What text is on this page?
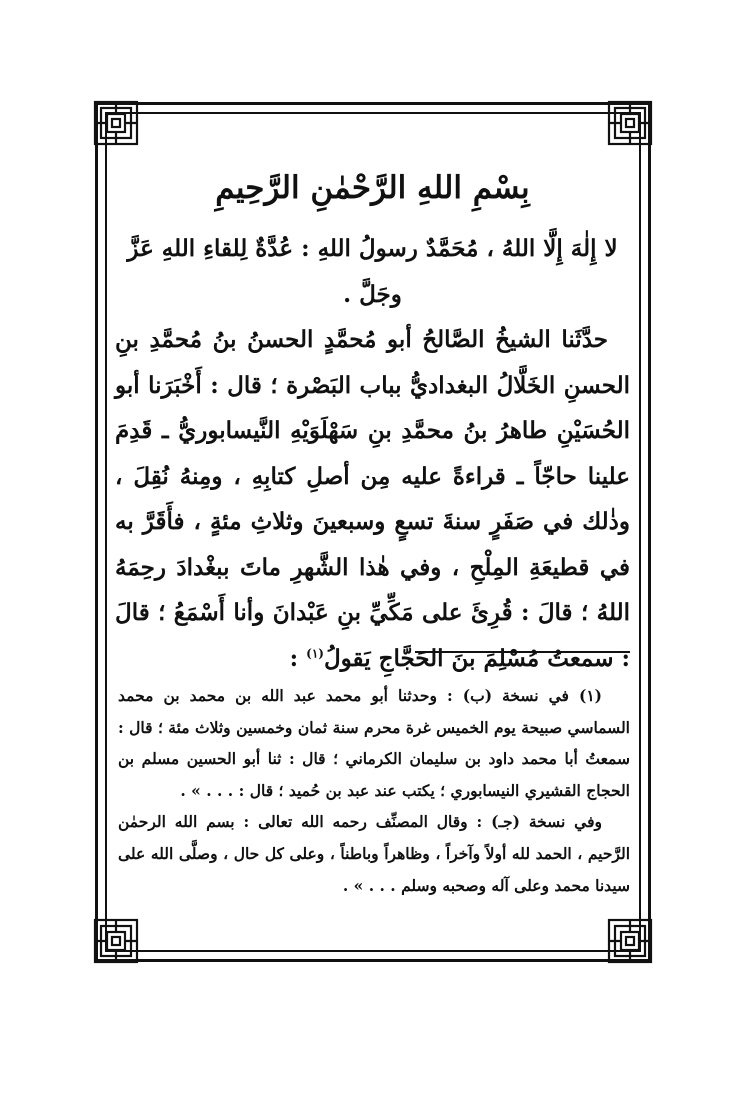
بِسْمِ اللهِ الرَّحْمٰنِ الرَّحِيمِ

لا إِلٰهَ إِلَّا اللهُ ، مُحَمَّدٌ رسولُ اللهِ : عُدَّةٌ لِلقاءِ اللهِ عَزَّ وجَلَّ .

حدَّثَنا الشيخُ الصَّالحُ أبو مُحمَّدٍ الحسنُ بنُ مُحمَّدِ بنِ الحسنِ الخَلَّالُ البغداديُّ بباب البَصْرة ؛ قال : أَخْبَرَنا أبو الحُسَيْنِ طاهرُ بنُ محمَّدِ بنِ سَهْلَوَيْهِ النَّيسابوريُّ ـ قَدِمَ علينا حاجّاً ـ قراءةً عليه مِن أصلِ كتابِهِ ، ومِنهُ نُقِلَ ، وذٰلك في صَفَرٍ سنةَ تسعٍ وسبعينَ وثلاثِ مئةٍ ، فأَقَرَّ به في قطيعَةِ المِلْحِ ، وفي هٰذا الشَّهرِ ماتَ ببغْدادَ رحِمَهُ اللهُ ؛ قالَ : قُرِئَ على مَكِّيِّ بنِ عَبْدانَ وأنا أَسْمَعُ ؛ قالَ : سمعتُ مُسْلِمَ بنَ الحَجَّاجِ يَقولُ$^{(١)}$ :

(١) في نسخة (ب) : وحدثنا أبو محمد عبد الله بن محمد بن محمد السماسي صبيحة يوم الخميس غرة محرم سنة ثمان وخمسين وثلاث مئة ؛ قال : سمعتُ أبا محمد داود بن سليمان الكرماني ؛ قال : ثنا أبو الحسين مسلم بن الحجاج القشيري النيسابوري ؛ يكتب عند عبد بن حُميد ؛ قال : . . . » .

وفي نسخة (جـ) : وقال المصنِّف رحمه الله تعالى : بسم الله الرحمٰن الرَّحيم ، الحمد لله أولاً وآخراً ، وظاهراً وباطناً ، وعلى كل حال ، وصلَّى الله على سيدنا محمد وعلى آله وصحبه وسلم . . . » .
